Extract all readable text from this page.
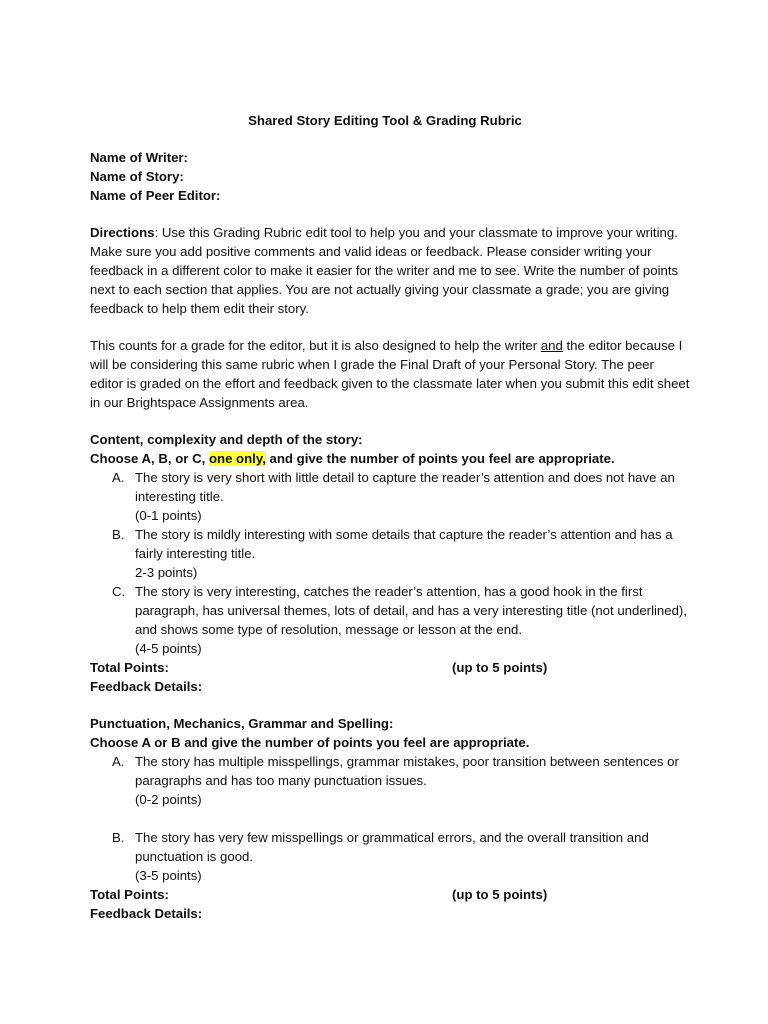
Shared Story Editing Tool & Grading Rubric
Name of Writer:
Name of Story:
Name of Peer Editor:

Directions: Use this Grading Rubric edit tool to help you and your classmate to improve your writing. Make sure you add positive comments and valid ideas or feedback. Please consider writing your feedback in a different color to make it easier for the writer and me to see. Write the number of points next to each section that applies. You are not actually giving your classmate a grade; you are giving feedback to help them edit their story.

This counts for a grade for the editor, but it is also designed to help the writer and the editor because I will be considering this same rubric when I grade the Final Draft of your Personal Story. The peer editor is graded on the effort and feedback given to the classmate later when you submit this edit sheet in our Brightspace Assignments area.

Content, complexity and depth of the story:
Choose A, B, or C, one only, and give the number of points you feel are appropriate.
A. The story is very short with little detail to capture the reader’s attention and does not have an interesting title.
(0-1 points)
B. The story is mildly interesting with some details that capture the reader’s attention and has a fairly interesting title.
2-3 points)
C. The story is very interesting, catches the reader’s attention, has a good hook in the first paragraph, has universal themes, lots of detail, and has a very interesting title (not underlined), and shows some type of resolution, message or lesson at the end.
(4-5 points)
Total Points:	(up to 5 points)
Feedback Details:
Punctuation, Mechanics, Grammar and Spelling:
Choose A or B and give the number of points you feel are appropriate.
A. The story has multiple misspellings, grammar mistakes, poor transition between sentences or paragraphs and has too many punctuation issues.
(0-2 points)
B. The story has very few misspellings or grammatical errors, and the overall transition and punctuation is good.
(3-5 points)
Total Points:	(up to 5 points)
Feedback Details:
